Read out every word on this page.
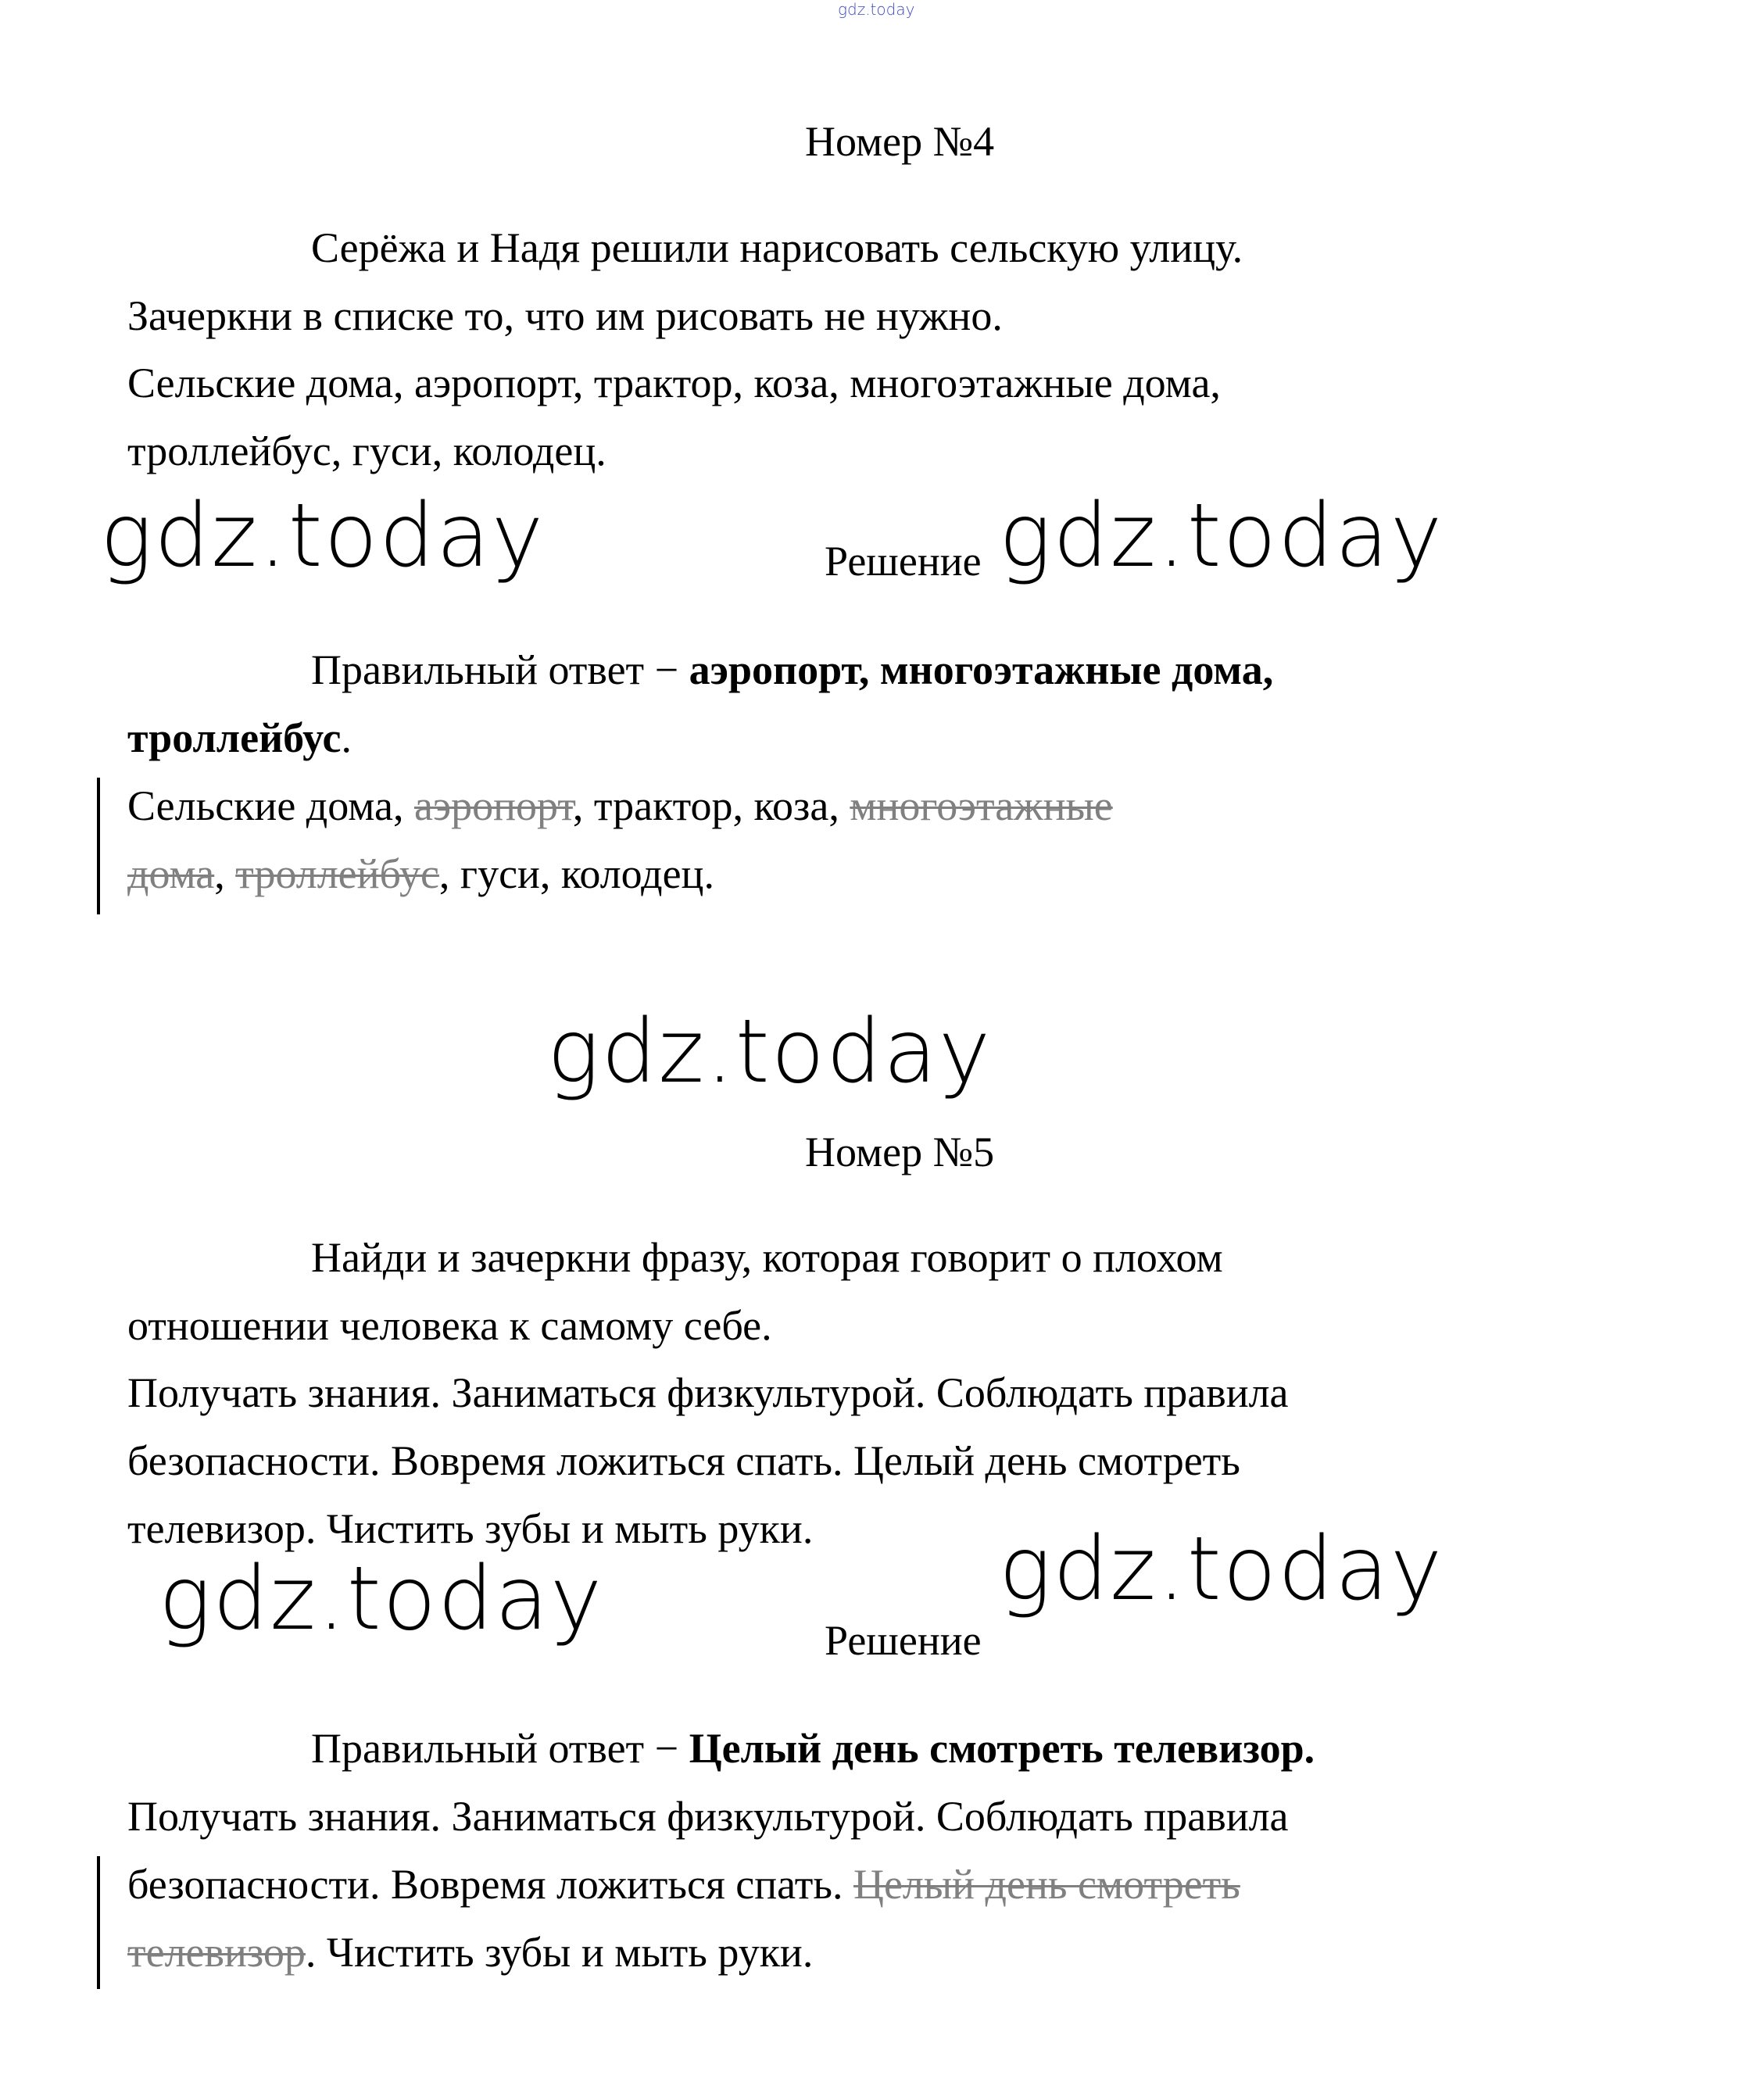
gdz.today
Номер №4
Серёжа и Надя решили нарисовать сельскую улицу.
Зачеркни в списке то, что им рисовать не нужно.
Сельские дома, аэропорт, трактор, коза, многоэтажные дома,
троллейбус, гуси, колодец.
gdz.today	Решение gdz.today
Правильный ответ − аэропорт, многоэтажные дома,
троллейбус.
Сельские дома, аэропорт, трактор, коза, многоэтажные
дома, троллейбус, гуси, колодец.
gdz.today
Номер №5
Найди и зачеркни фразу, которая говорит о плохом
отношении человека к самому себе.
Получать знания. Заниматься физкультурой. Соблюдать правила
безопасности. Вовремя ложиться спать. Целый день смотреть
телевизор. Чистить зубы и мыть руки. gdz.today
gdz.today	Решение
Правильный ответ − Целый день смотреть телевизор.
Получать знания. Заниматься физкультурой. Соблюдать правила
безопасности. Вовремя ложиться спать. Целый день смотреть
телевизор. Чистить зубы и мыть руки.
